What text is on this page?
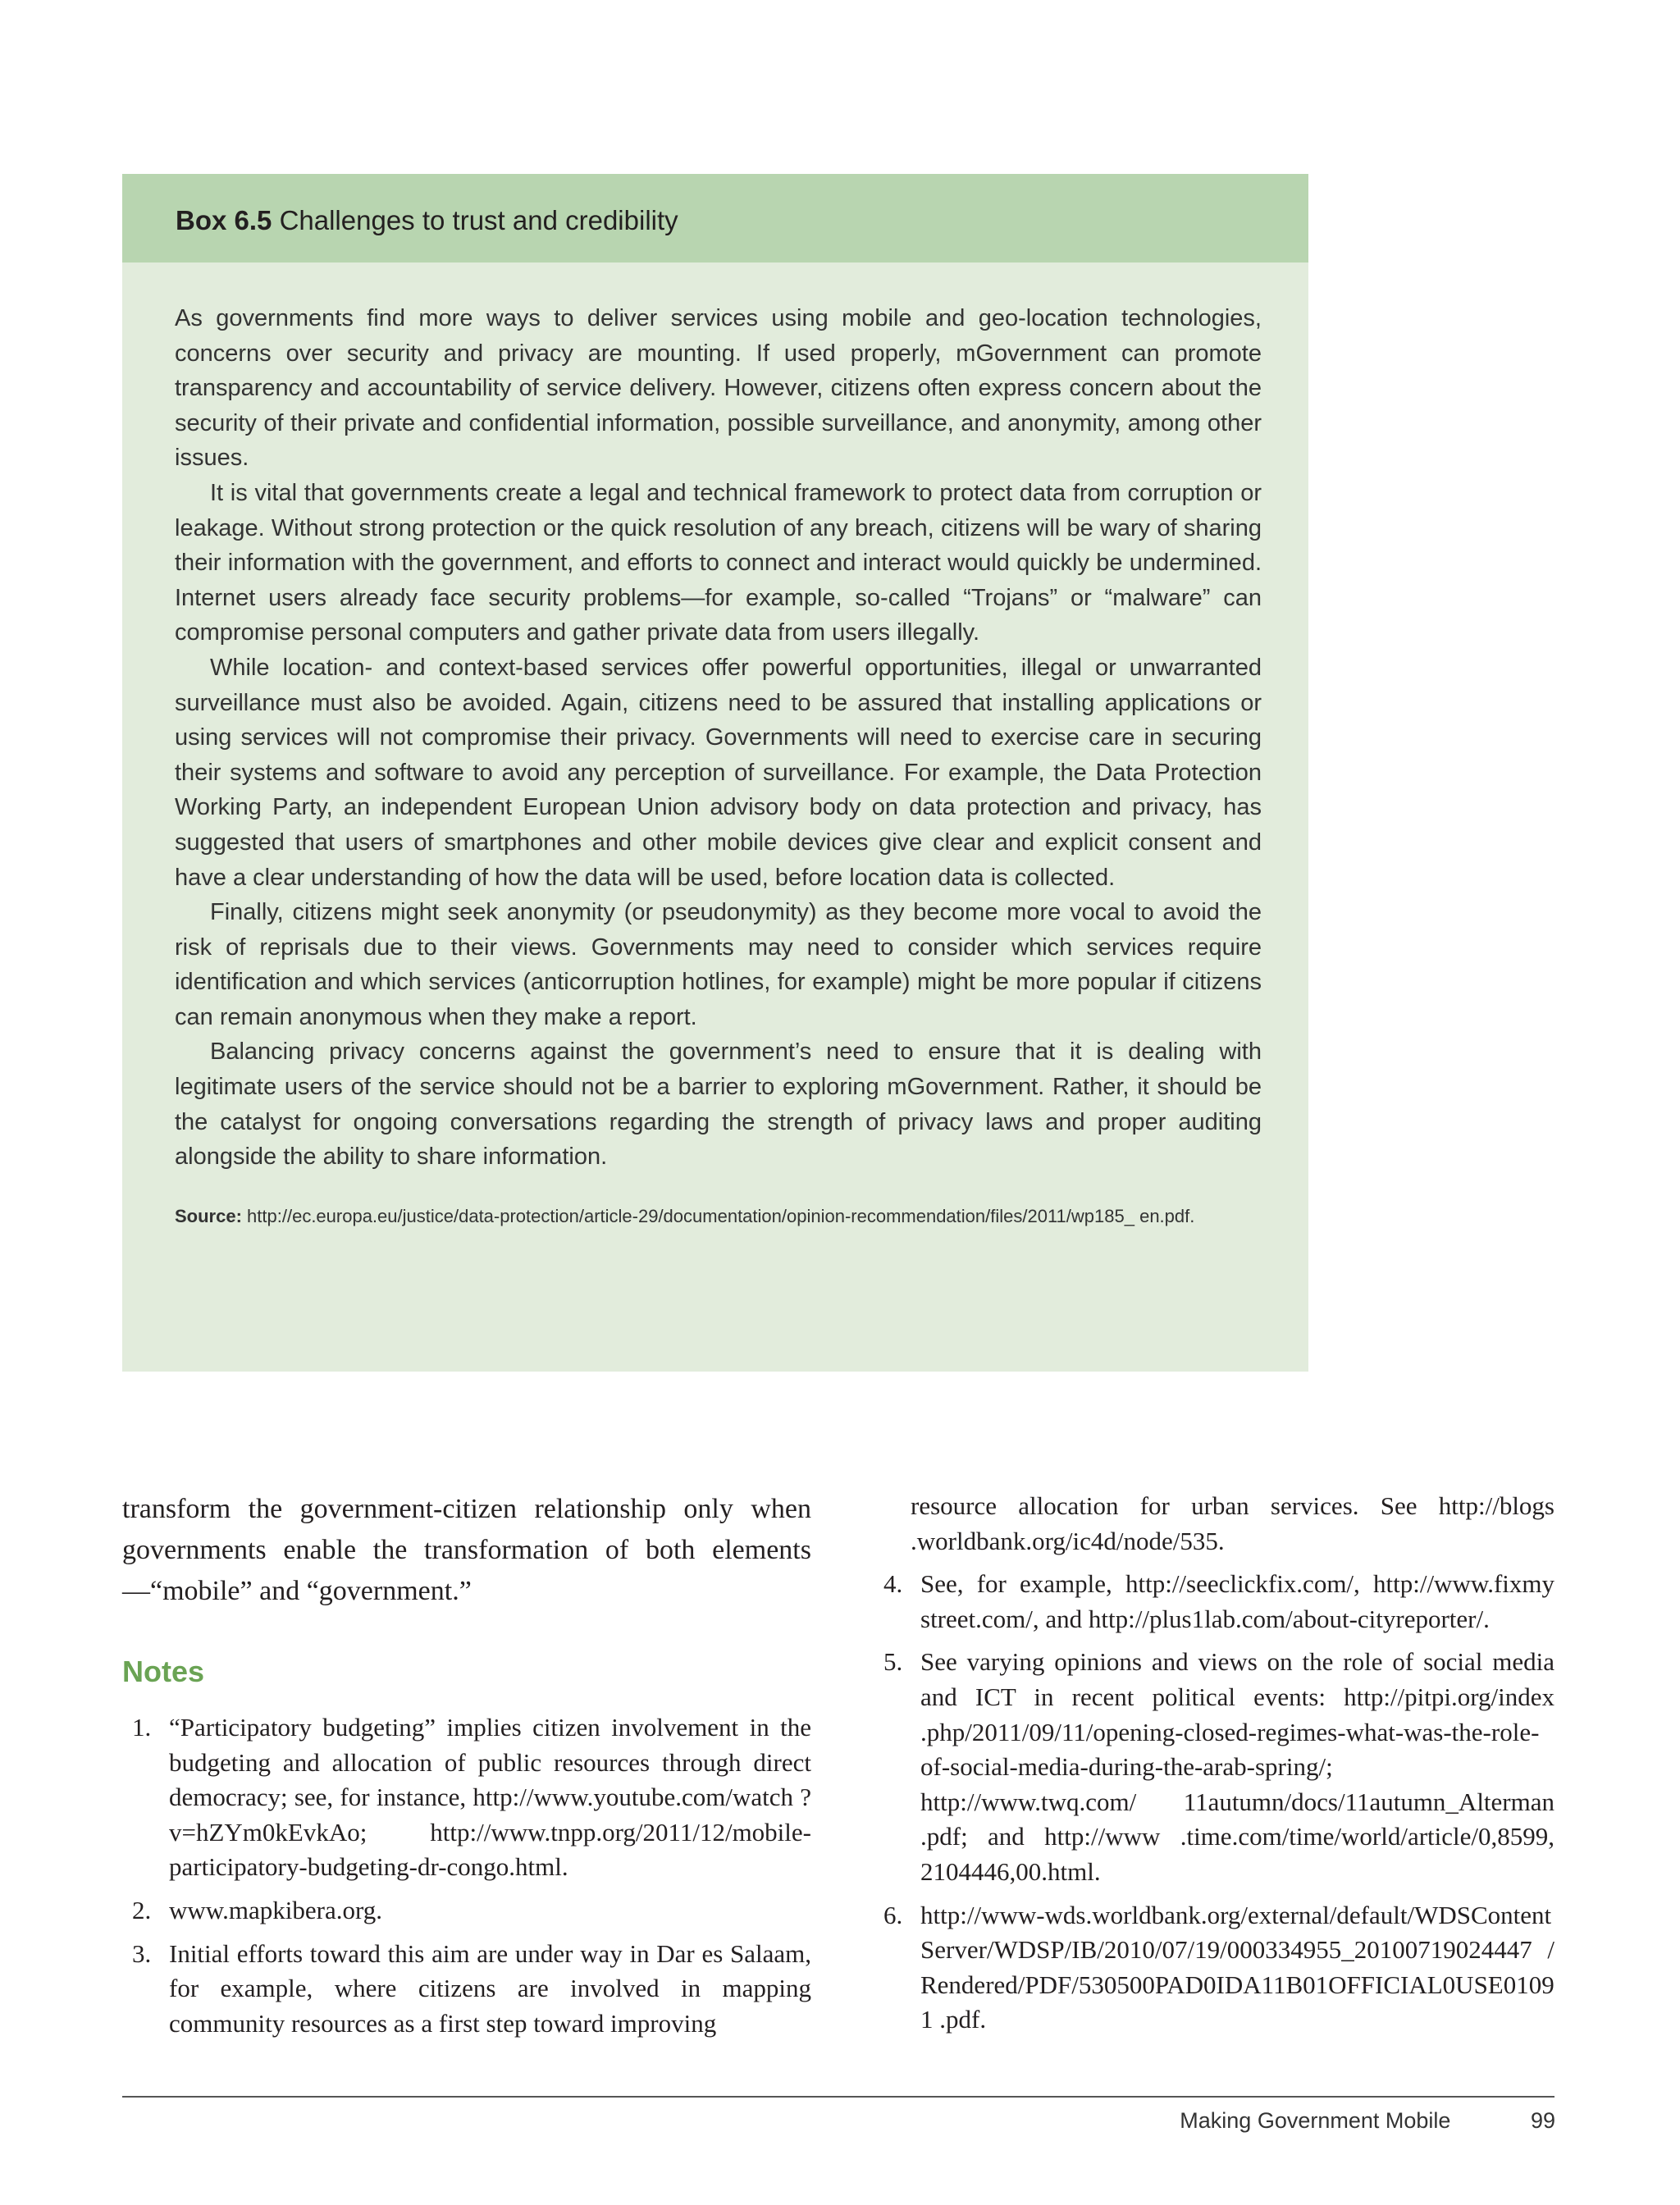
Box 6.5 Challenges to trust and credibility

As governments find more ways to deliver services using mobile and geo-location technologies, concerns over security and privacy are mounting. If used properly, mGovernment can promote transparency and accountability of service delivery. However, citizens often express concern about the security of their private and confidential information, possible surveillance, and anonymity, among other issues.

It is vital that governments create a legal and technical framework to protect data from corruption or leakage. Without strong protection or the quick resolution of any breach, citizens will be wary of sharing their information with the government, and efforts to connect and interact would quickly be undermined. Internet users already face security problems—for example, so-called “Trojans” or “malware” can compromise personal computers and gather private data from users illegally.

While location- and context-based services offer powerful opportunities, illegal or unwarranted surveillance must also be avoided. Again, citizens need to be assured that installing applications or using services will not compromise their privacy. Governments will need to exercise care in securing their systems and software to avoid any perception of surveillance. For example, the Data Protection Working Party, an independent European Union advisory body on data protection and privacy, has suggested that users of smartphones and other mobile devices give clear and explicit consent and have a clear understanding of how the data will be used, before location data is collected.

Finally, citizens might seek anonymity (or pseudonymity) as they become more vocal to avoid the risk of reprisals due to their views. Governments may need to consider which services require identification and which services (anticorruption hotlines, for example) might be more popular if citizens can remain anonymous when they make a report.

Balancing privacy concerns against the government’s need to ensure that it is dealing with legitimate users of the service should not be a barrier to exploring mGovernment. Rather, it should be the catalyst for ongoing conversations regarding the strength of privacy laws and proper auditing alongside the ability to share information.

Source: http://ec.europa.eu/justice/data-protection/article-29/documentation/opinion-recommendation/files/2011/wp185_ en.pdf.

transform the government-citizen relationship only when governments enable the transformation of both elements—“mobile” and “government.”

Notes
1. “Participatory budgeting” implies citizen involvement in the budgeting and allocation of public resources through direct democracy; see, for instance, http://www.youtube.com/watch ?v=hZYm0kEvkAo; http://www.tnpp.org/2011/12/mobile-participatory-budgeting-dr-congo.html.
2. www.mapkibera.org.
3. Initial efforts toward this aim are under way in Dar es Salaam, for example, where citizens are involved in mapping community resources as a first step toward improving
resource allocation for urban services. See http://blogs .worldbank.org/ic4d/node/535.
4. See, for example, http://seeclickfix.com/, http://www.fixmy street.com/, and http://plus1lab.com/about-cityreporter/.
5. See varying opinions and views on the role of social media and ICT in recent political events: http://pitpi.org/index .php/2011/09/11/opening-closed-regimes-what-was-the-role-of-social-media-during-the-arab-spring/; http://www.twq.com/ 11autumn/docs/11autumn_Alterman .pdf; and http://www .time.com/time/world/article/0,8599, 2104446,00.html.
6. http://www-wds.worldbank.org/external/default/WDSContentServer/WDSP/IB/2010/07/19/000334955_20100719024447 /Rendered/PDF/530500PAD0IDA11B01OFFICIAL0USE01091 .pdf.
Making Government Mobile	99
